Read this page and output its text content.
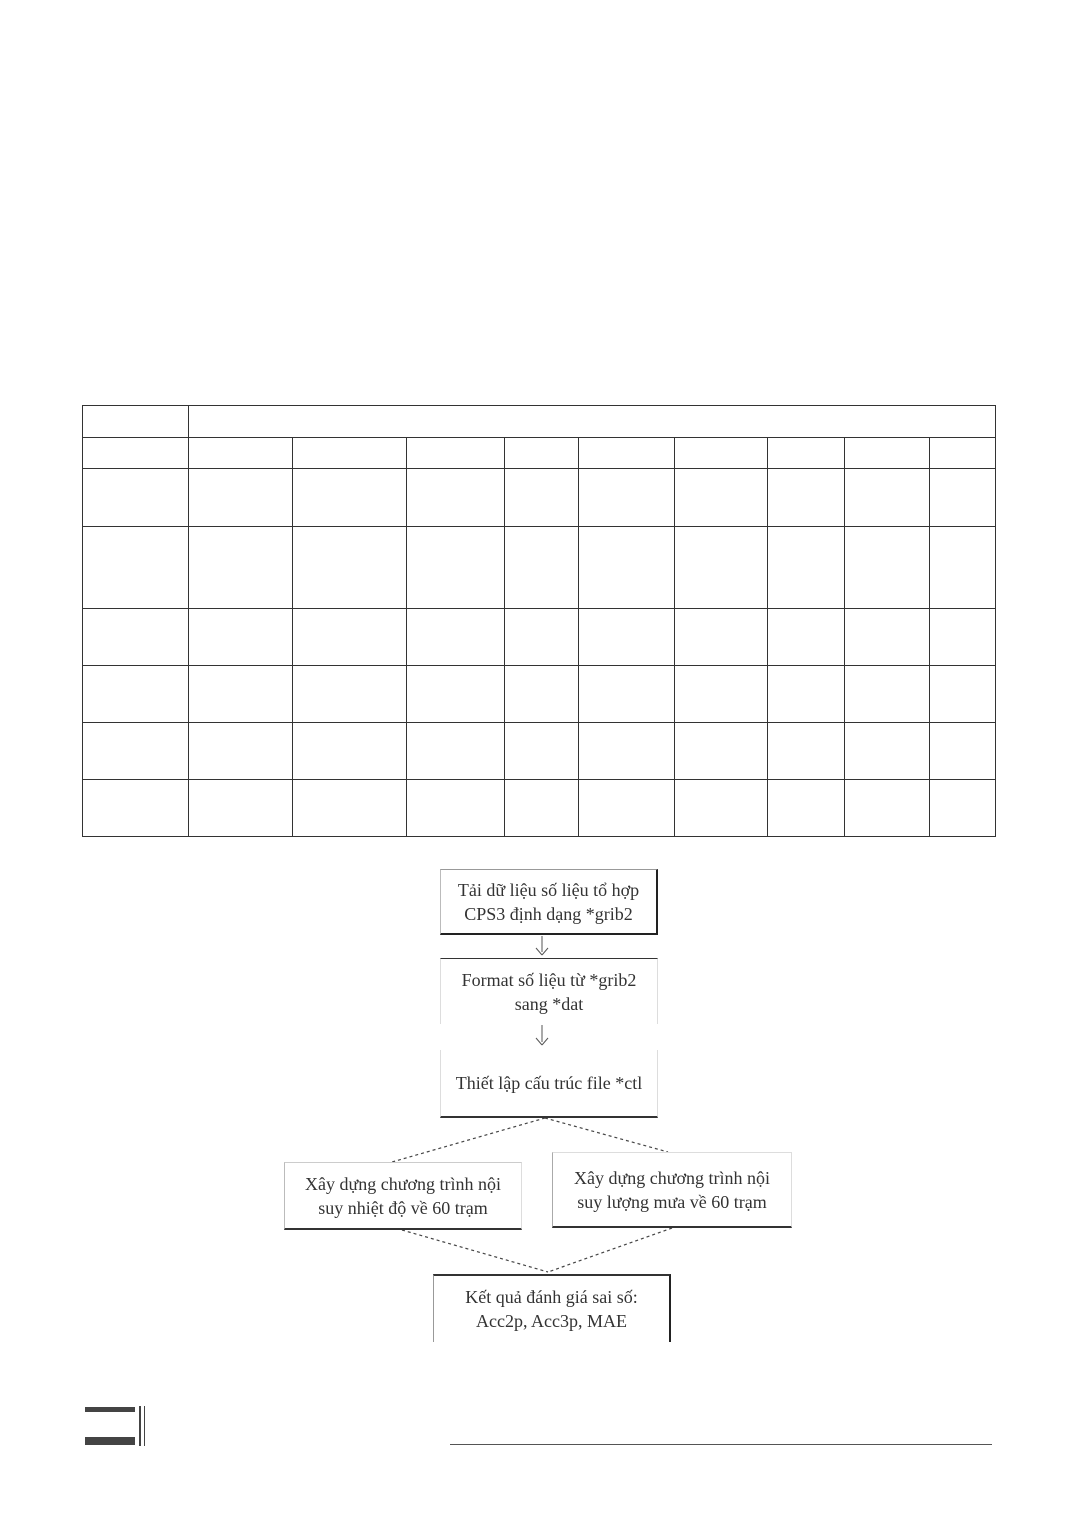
Tải dữ liệu số liệu tổ hợp
CPS3 định dạng *grib2
Format số liệu từ *grib2
sang *dat
Thiết lập cấu trúc file *ctl
Xây dựng chương trình nội
suy nhiệt độ về 60 trạm
Xây dựng chương trình nội
suy lượng mưa về 60 trạm
Kết quả đánh giá sai số:
Acc2p, Acc3p, MAE
